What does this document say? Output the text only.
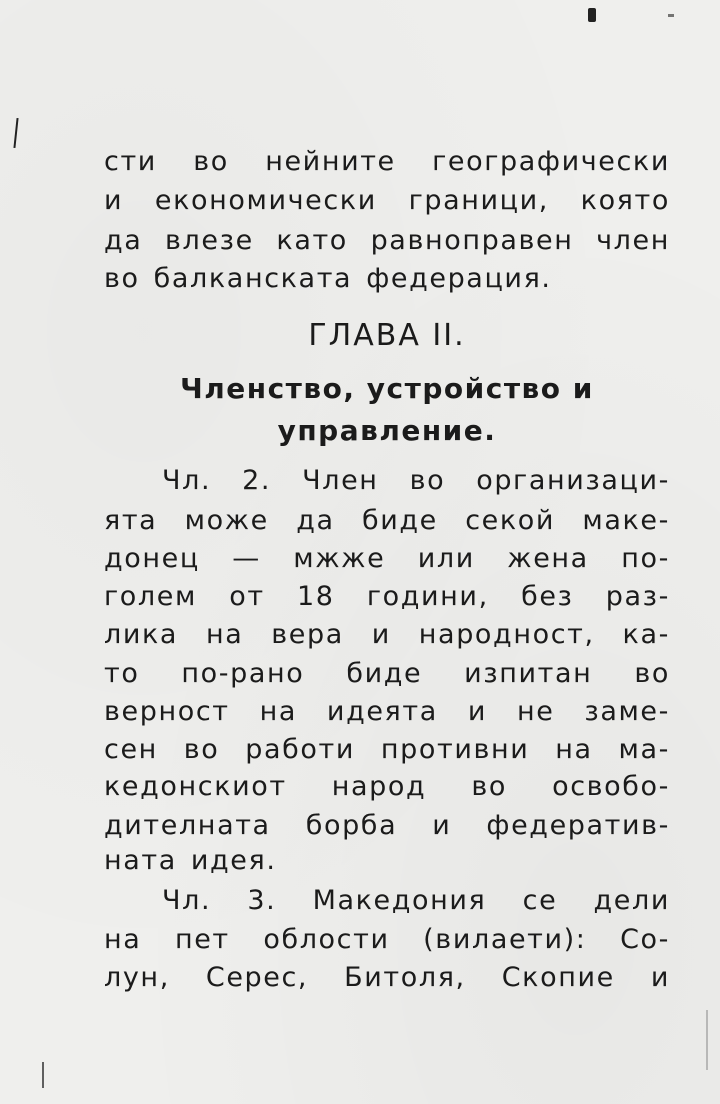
сти во нейните географически
и економически граници, която
да влезе като равноправен член
во балканската федерация.
ГЛАВА II.
Членство, устройство и
управление.
Чл. 2. Член во организаци-
ята може да биде секой маке-
донец — мжже или жена по-
голем от 18 години, без раз-
лика на вера и народност, ка-
то по-рано биде изпитан во
верност на идеята и не заме-
сен во работи противни на ма-
кедонскиот народ во освобо-
дителната борба и федератив-
ната идея.
Чл. 3. Македония се дели
на пет облости (вилаети): Со-
лун, Серес, Битоля, Скопие и
